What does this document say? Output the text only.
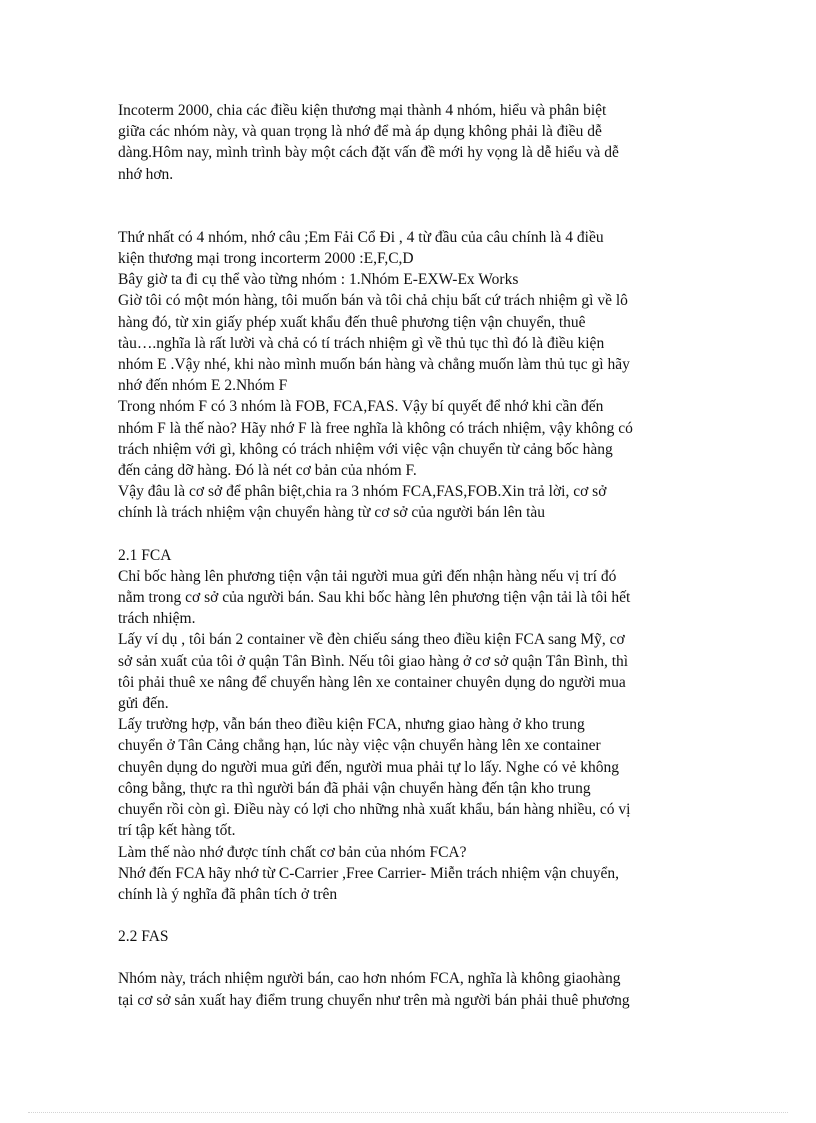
Incoterm 2000, chia các điều kiện thương mại thành 4 nhóm, hiểu và phân biệt
giữa các nhóm này, và quan trọng là nhớ để mà áp dụng không phải là điều dễ
dàng.Hôm nay, mình trình bày một cách đặt vấn đề mới hy vọng là dễ hiểu và dễ
nhớ hơn.

Thứ nhất có 4 nhóm, nhớ câu ;Em Fải Cổ Đi , 4 từ đầu của câu chính là 4 điều
kiện thương mại trong incorterm 2000 :E,F,C,D
Bây giờ ta đi cụ thể vào từng nhóm : 1.Nhóm E-EXW-Ex Works
Giờ tôi có một món hàng, tôi muốn bán và tôi chả chịu bất cứ trách nhiệm gì về lô
hàng đó, từ xin giấy phép xuất khẩu đến thuê phương tiện vận chuyển, thuê
tàu….nghĩa là rất lười và chả có tí trách nhiệm gì về thủ tục thì đó là điều kiện
nhóm E .Vậy nhé, khi nào mình muốn bán hàng và chẳng muốn làm thủ tục gì hãy
nhớ đến nhóm E 2.Nhóm F
Trong nhóm F có 3 nhóm là FOB, FCA,FAS. Vậy bí quyết để nhớ khi cần đến
nhóm F là thế nào? Hãy nhớ F là free nghĩa là không có trách nhiệm, vậy không có
trách nhiệm với gì, không có trách nhiệm với việc vận chuyển từ cảng bốc hàng
đến cảng dỡ hàng. Đó là nét cơ bản của nhóm F.
Vậy đâu là cơ sở để phân biệt,chia ra 3 nhóm FCA,FAS,FOB.Xin trả lời, cơ sở
chính là trách nhiệm vận chuyển hàng từ cơ sở của người bán lên tàu

2.1 FCA
Chỉ bốc hàng lên phương tiện vận tải người mua gửi đến nhận hàng nếu vị trí đó
nằm trong cơ sở của người bán. Sau khi bốc hàng lên phương tiện vận tải là tôi hết
trách nhiệm.
Lấy ví dụ , tôi bán 2 container về đèn chiếu sáng theo điều kiện FCA sang Mỹ, cơ
sở sản xuất của tôi ở quận Tân Bình. Nếu tôi giao hàng ở cơ sở quận Tân Bình, thì
tôi phải thuê xe nâng để chuyển hàng lên xe container chuyên dụng do người mua
gửi đến.
Lấy trường hợp, vẫn bán theo điều kiện FCA, nhưng giao hàng ở kho trung
chuyển ở Tân Cảng chẳng hạn, lúc này việc vận chuyển hàng lên xe container
chuyên dụng do người mua gửi đến, người mua phải tự lo lấy. Nghe có vẻ không
công bằng, thực ra thì người bán đã phải vận chuyển hàng đến tận kho trung
chuyển rồi còn gì. Điều này có lợi cho những nhà xuất khẩu, bán hàng nhiều, có vị
trí tập kết hàng tốt.
Làm thế nào nhớ được tính chất cơ bản của nhóm FCA?
Nhớ đến FCA hãy nhớ từ C-Carrier ,Free Carrier- Miễn trách nhiệm vận chuyển,
chính là ý nghĩa đã phân tích ở trên

2.2 FAS

Nhóm này, trách nhiệm người bán, cao hơn nhóm FCA, nghĩa là không giaohàng
tại cơ sở sản xuất hay điểm trung chuyển như trên mà người bán phải thuê phương
